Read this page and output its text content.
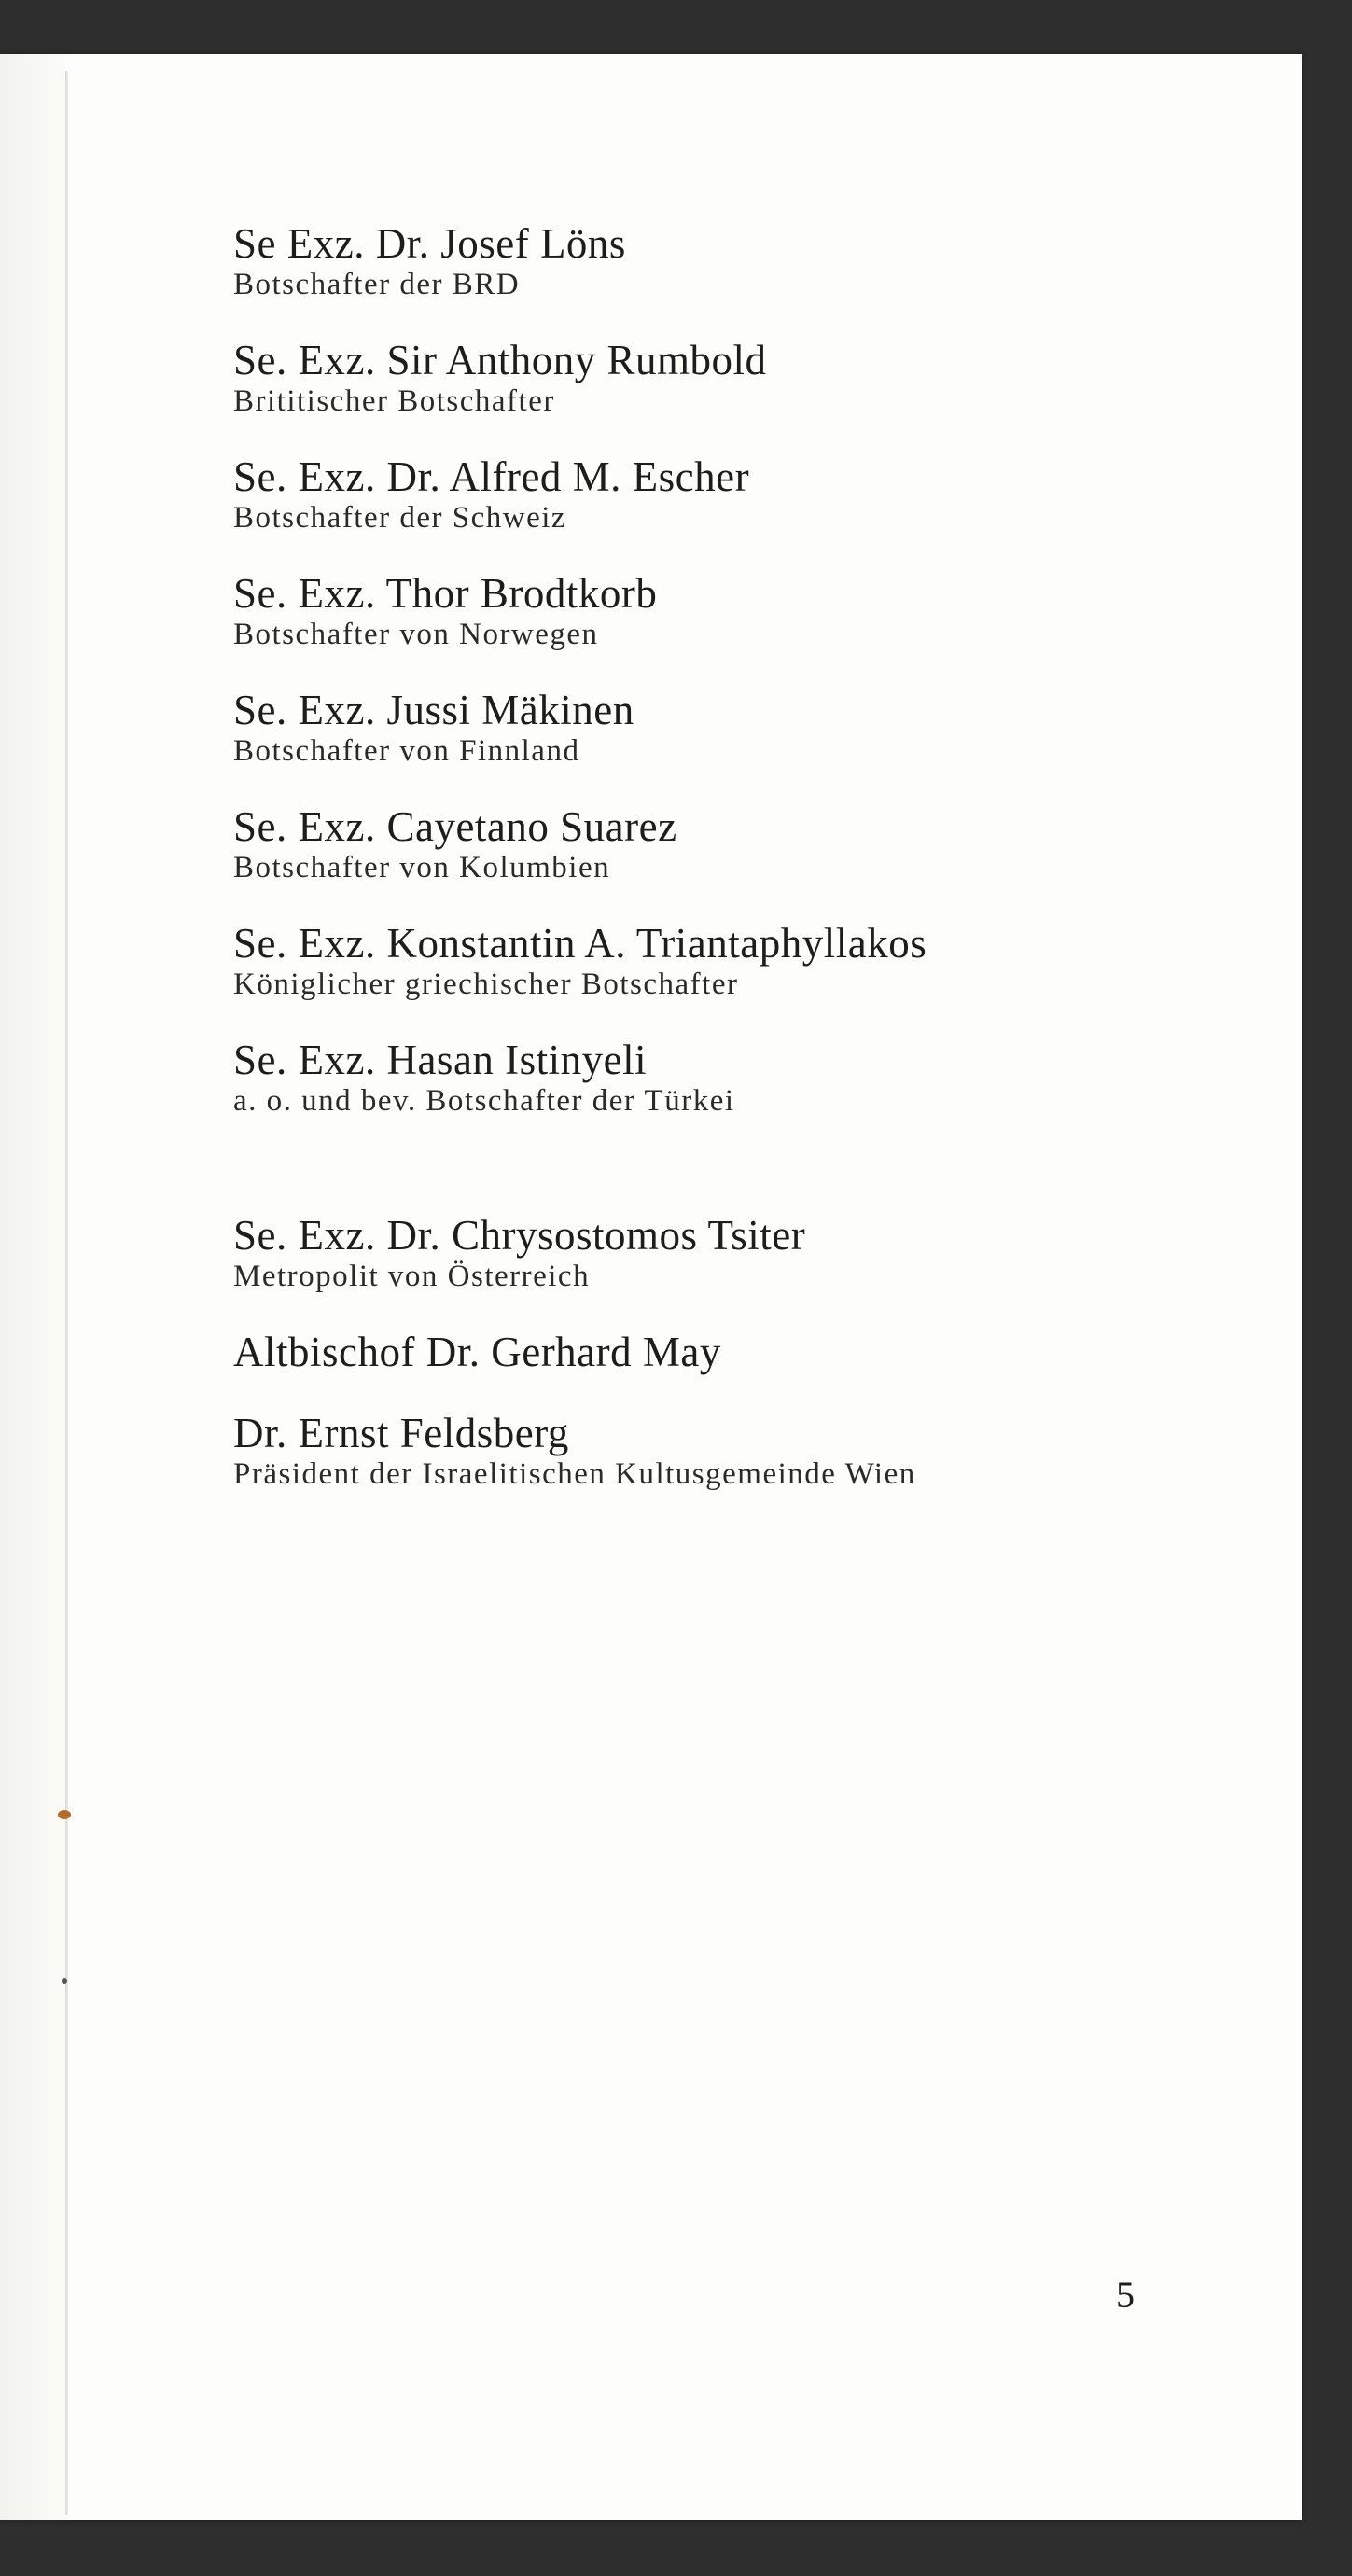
Se Exz. Dr. Josef Löns
Botschafter der BRD
Se. Exz. Sir Anthony Rumbold
Brititischer Botschafter
Se. Exz. Dr. Alfred M. Escher
Botschafter der Schweiz
Se. Exz. Thor Brodtkorb
Botschafter von Norwegen
Se. Exz. Jussi Mäkinen
Botschafter von Finnland
Se. Exz. Cayetano Suarez
Botschafter von Kolumbien
Se. Exz. Konstantin A. Triantaphyllakos
Königlicher griechischer Botschafter
Se. Exz. Hasan Istinyeli
a. o. und bev. Botschafter der Türkei
Se. Exz. Dr. Chrysostomos Tsiter
Metropolit von Österreich
Altbischof Dr. Gerhard May
Dr. Ernst Feldsberg
Präsident der Israelitischen Kultusgemeinde Wien
5
